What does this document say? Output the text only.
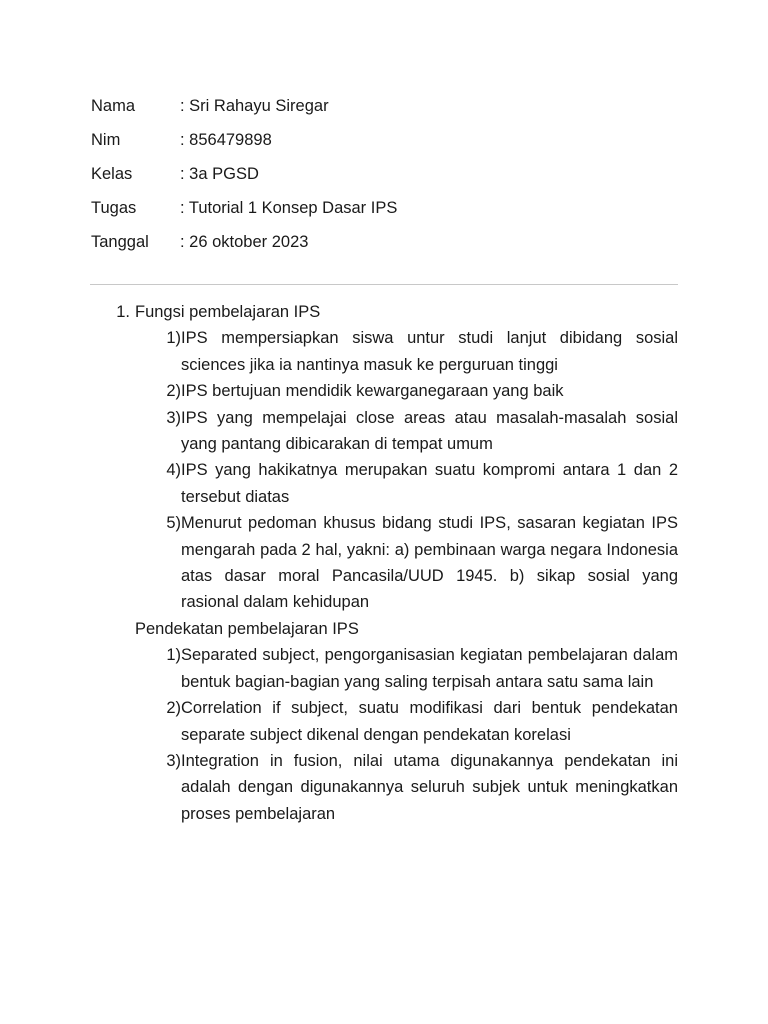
Nama	: Sri Rahayu Siregar
Nim	: 856479898
Kelas	: 3a PGSD
Tugas	: Tutorial 1 Konsep Dasar IPS
Tanggal	: 26 oktober 2023
1. Fungsi pembelajaran IPS
1) IPS mempersiapkan siswa untur studi lanjut dibidang sosial sciences jika ia nantinya masuk ke perguruan tinggi
2) IPS bertujuan mendidik kewarganegaraan yang baik
3) IPS yang mempelajai close areas atau masalah-masalah sosial yang pantang dibicarakan di tempat umum
4) IPS yang hakikatnya merupakan suatu kompromi antara 1 dan 2 tersebut diatas
5) Menurut pedoman khusus bidang studi IPS, sasaran kegiatan IPS mengarah pada 2 hal, yakni: a) pembinaan warga negara Indonesia atas dasar moral Pancasila/UUD 1945. b) sikap sosial yang rasional dalam kehidupan
Pendekatan pembelajaran IPS
1) Separated subject, pengorganisasian kegiatan pembelajaran dalam bentuk bagian-bagian yang saling terpisah antara satu sama lain
2) Correlation if subject, suatu modifikasi dari bentuk pendekatan separate subject dikenal dengan pendekatan korelasi
3) Integration in fusion, nilai utama digunakannya pendekatan ini adalah dengan digunakannya seluruh subjek untuk meningkatkan proses pembelajaran
